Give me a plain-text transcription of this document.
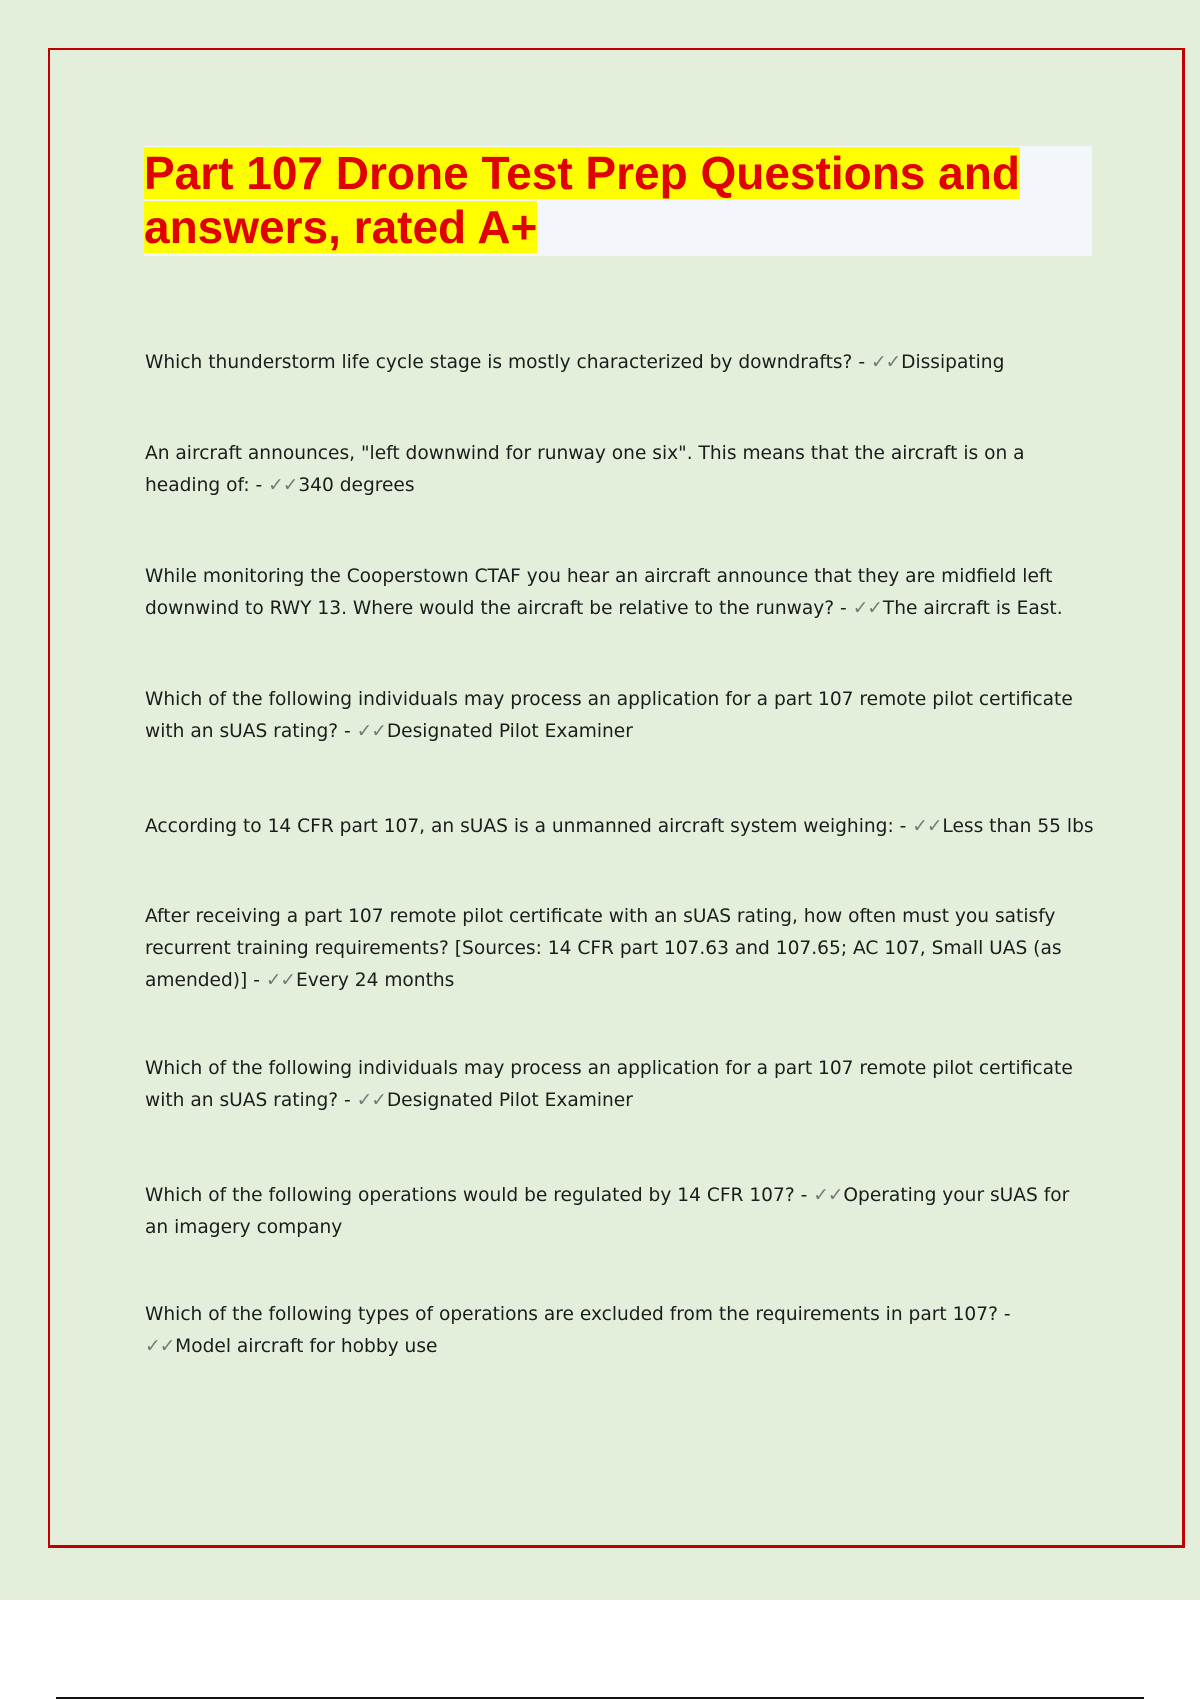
Part 107 Drone Test Prep Questions and answers, rated A+

Which thunderstorm life cycle stage is mostly characterized by downdrafts? - ✓✓Dissipating

An aircraft announces, "left downwind for runway one six". This means that the aircraft is on a heading of: - ✓✓340 degrees

While monitoring the Cooperstown CTAF you hear an aircraft announce that they are midfield left downwind to RWY 13. Where would the aircraft be relative to the runway? - ✓✓The aircraft is East.

Which of the following individuals may process an application for a part 107 remote pilot certificate with an sUAS rating? - ✓✓Designated Pilot Examiner

According to 14 CFR part 107, an sUAS is a unmanned aircraft system weighing: - ✓✓Less than 55 lbs

After receiving a part 107 remote pilot certificate with an sUAS rating, how often must you satisfy recurrent training requirements? [Sources: 14 CFR part 107.63 and 107.65; AC 107, Small UAS (as amended)] - ✓✓Every 24 months

Which of the following individuals may process an application for a part 107 remote pilot certificate with an sUAS rating? - ✓✓Designated Pilot Examiner

Which of the following operations would be regulated by 14 CFR 107? - ✓✓Operating your sUAS for an imagery company

Which of the following types of operations are excluded from the requirements in part 107? - ✓✓Model aircraft for hobby use
